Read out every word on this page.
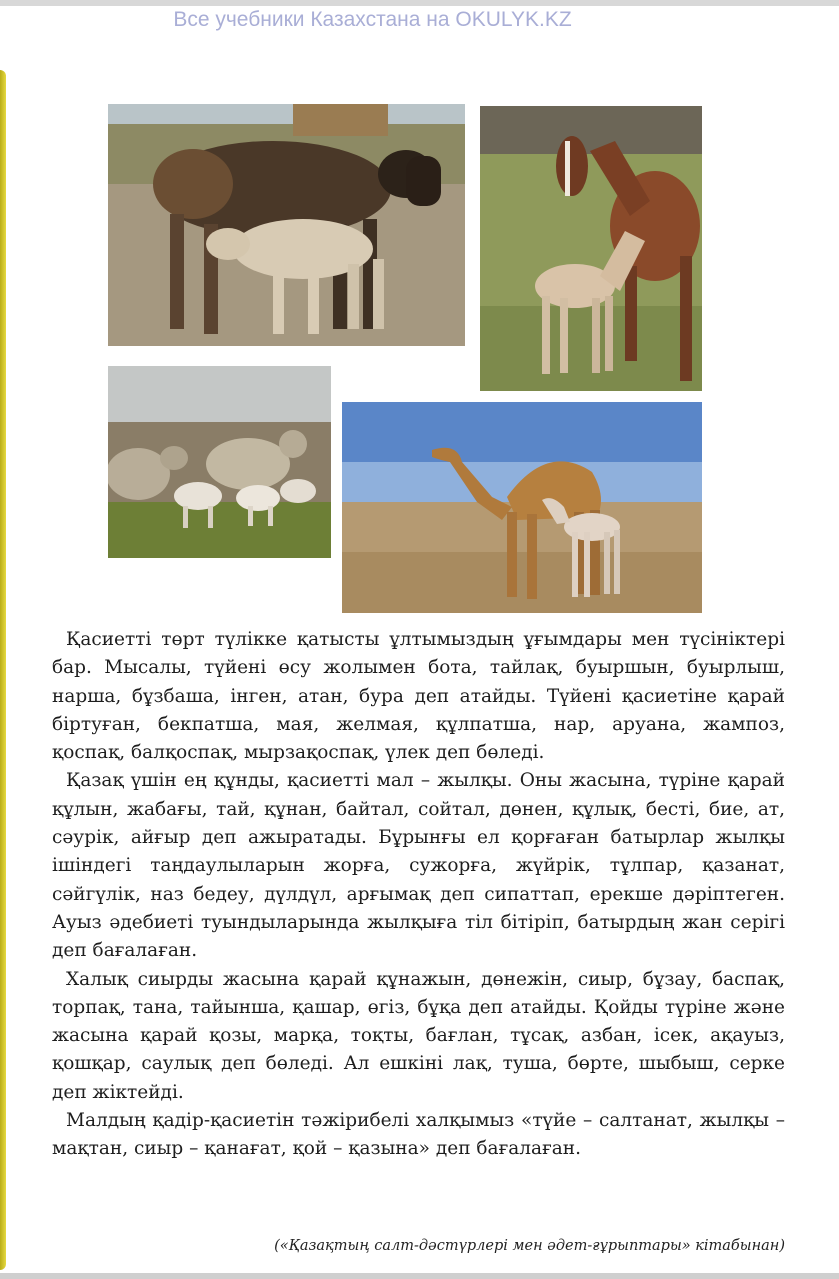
Все учебники Казахстана на OKULYK.KZ

Қасиетті төрт түлікке қатысты ұлтымыздың ұғымдары мен түсініктері бар. Мысалы, түйені өсу жолымен бота, тайлақ, буыршын, буырлыш, нарша, бұзбаша, інген, атан, бура деп атайды. Түйені қасиетіне қарай біртуған, бекпатша, мая, желмая, құлпатша, нар, аруана, жампоз, қоспақ, балқоспақ, мырзақоспақ, үлек деп бөледі.

Қазақ үшін ең құнды, қасиетті мал – жылқы. Оны жасына, түріне қарай құлын, жабағы, тай, құнан, байтал, сойтал, дөнен, құлық, бесті, бие, ат, сәурік, айғыр деп ажыратады. Бұрынғы ел қорғаған батырлар жылқы ішіндегі таңдаулыларын жорға, сужорға, жүйрік, тұлпар, қазанат, сәйгүлік, наз бедеу, дүлдүл, арғымақ деп сипаттап, ерекше дәріптеген. Ауыз әдебиеті туындыларында жылқыға тіл бітіріп, батырдың жан серігі деп бағалаған.

Халық сиырды жасына қарай құнажын, дөнежін, сиыр, бұзау, баспақ, торпақ, тана, тайынша, қашар, өгіз, бұқа деп атайды. Қойды түріне және жасына қарай қозы, марқа, тоқты, бағлан, тұсақ, азбан, ісек, ақауыз, қошқар, саулық деп бөледі. Ал ешкіні лақ, туша, бөрте, шыбыш, серке деп жіктейді.

Малдың қадір-қасиетін тәжірибелі халқымыз «түйе – салтанат, жылқы – мақтан, сиыр – қанағат, қой – қазына» деп бағалаған.

(«Қазақтың салт-дәстүрлері мен әдет-ғұрыптары» кітабынан)
